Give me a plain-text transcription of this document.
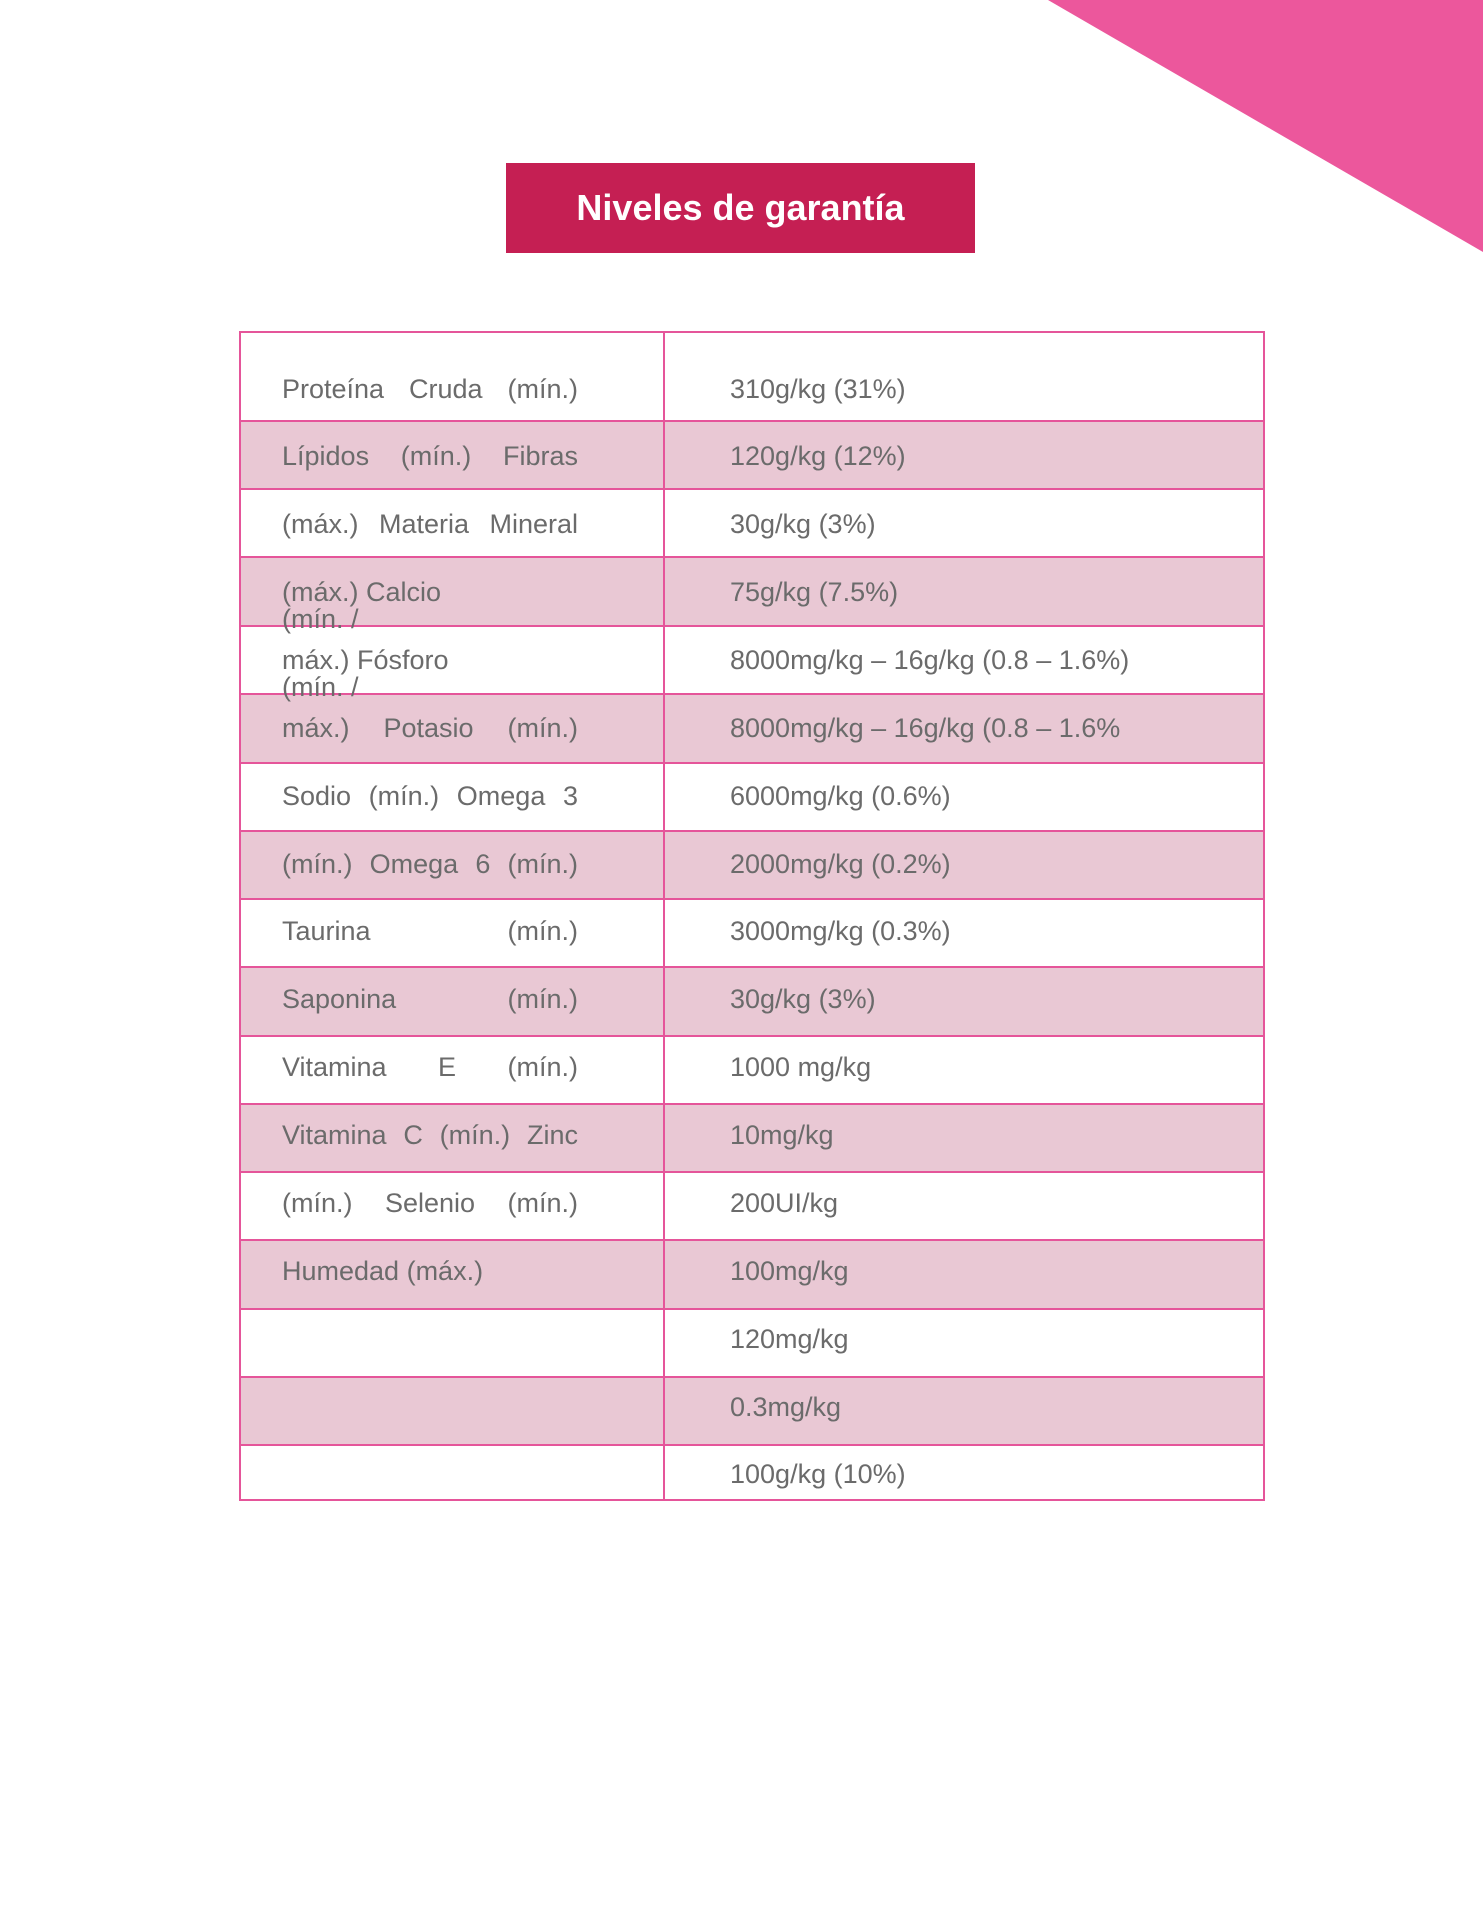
Niveles de garantía
Proteína Cruda (mín.)
Lípidos (mín.) Fibras
(máx.) Materia Mineral
(máx.) Calcio
(mín. /
máx.) Fósforo
(mín. /
máx.) Potasio (mín.)
Sodio (mín.) Omega 3
(mín.) Omega 6 (mín.)
Taurina (mín.)
Saponina (mín.)
Vitamina E (mín.)
Vitamina C (mín.) Zinc
(mín.) Selenio (mín.)
Humedad (máx.)
310g/kg (31%)
120g/kg (12%)
30g/kg (3%)
75g/kg (7.5%)
8000mg/kg – 16g/kg (0.8 – 1.6%)
8000mg/kg – 16g/kg (0.8 – 1.6%
6000mg/kg (0.6%)
2000mg/kg (0.2%)
3000mg/kg (0.3%)
30g/kg (3%)
1000 mg/kg
10mg/kg
200UI/kg
100mg/kg
120mg/kg
0.3mg/kg
100g/kg (10%)
